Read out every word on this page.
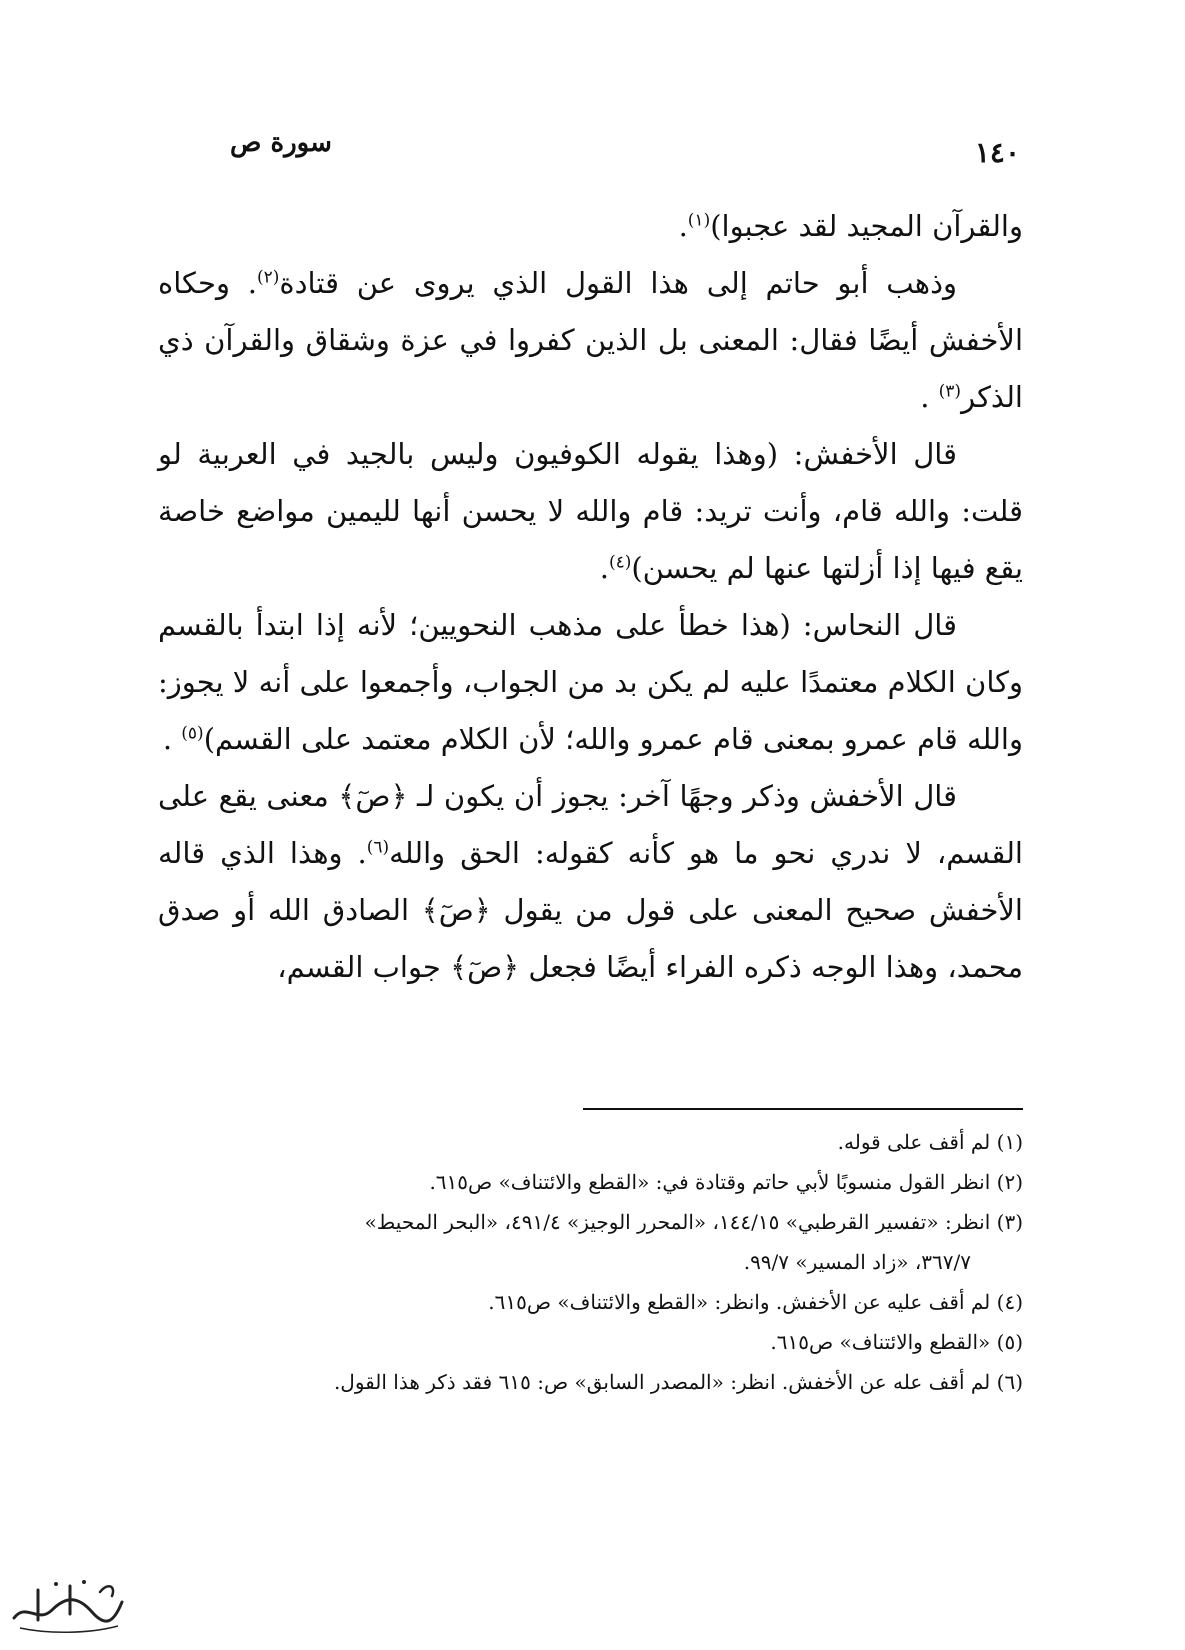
١٤٠
سورة ص

والقرآن المجيد لقد عجبوا)$^{(١)}$.

وذهب أبو حاتم إلى هذا القول الذي يروى عن قتادة$^{(٢)}$. وحكاه الأخفش أيضًا فقال: المعنى بل الذين كفروا في عزة وشقاق والقرآن ذي الذكر$^{(٣)}$ .

قال الأخفش: (وهذا يقوله الكوفيون وليس بالجيد في العربية لو قلت: والله قام، وأنت تريد: قام والله لا يحسن أنها لليمين مواضع خاصة يقع فيها إذا أزلتها عنها لم يحسن)$^{(٤)}$.

قال النحاس: (هذا خطأ على مذهب النحويين؛ لأنه إذا ابتدأ بالقسم وكان الكلام معتمدًا عليه لم يكن بد من الجواب، وأجمعوا على أنه لا يجوز: والله قام عمرو بمعنى قام عمرو والله؛ لأن الكلام معتمد على القسم)$^{(٥)}$ .

قال الأخفش وذكر وجهًا آخر: يجوز أن يكون لـ ﴿صٓ﴾ معنى يقع على القسم، لا ندري نحو ما هو كأنه كقوله: الحق والله$^{(٦)}$. وهذا الذي قاله الأخفش صحيح المعنى على قول من يقول ﴿صٓ﴾ الصادق الله أو صدق محمد، وهذا الوجه ذكره الفراء أيضًا فجعل ﴿صٓ﴾ جواب القسم،

(١) لم أقف على قوله.

(٢) انظر القول منسوبًا لأبي حاتم وقتادة في: «القطع والائتناف» ص٦١٥.

(٣) انظر: «تفسير القرطبي» ١٤٤/١٥، «المحرر الوجيز» ٤٩١/٤، «البحر المحيط»
٣٦٧/٧، «زاد المسير» ٩٩/٧.

(٤) لم أقف عليه عن الأخفش. وانظر: «القطع والائتناف» ص٦١٥.

(٥) «القطع والائتناف» ص٦١٥.

(٦) لم أقف عله عن الأخفش. انظر: «المصدر السابق» ص: ٦١٥ فقد ذكر هذا القول.
